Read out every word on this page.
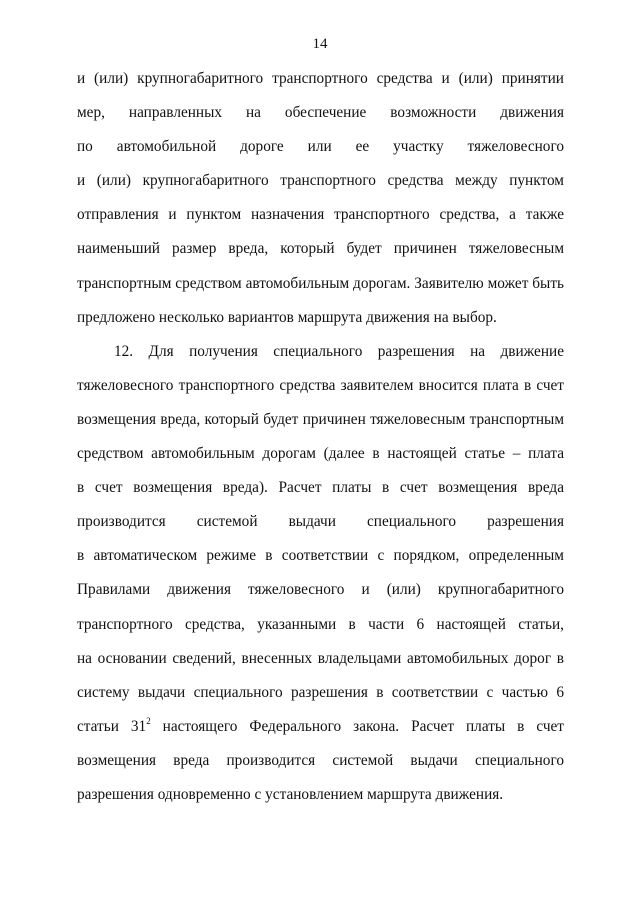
14
и (или) крупногабаритного транспортного средства и (или) принятии
мер, направленных на обеспечение возможности движения
по автомобильной дороге или ее участку тяжеловесного
и (или) крупногабаритного транспортного средства между пунктом
отправления и пунктом назначения транспортного средства, а также
наименьший размер вреда, который будет причинен тяжеловесным
транспортным средством автомобильным дорогам. Заявителю может быть
предложено несколько вариантов маршрута движения на выбор.
12. Для получения специального разрешения на движение
тяжеловесного транспортного средства заявителем вносится плата в счет
возмещения вреда, который будет причинен тяжеловесным транспортным
средством автомобильным дорогам (далее в настоящей статье – плата
в счет возмещения вреда). Расчет платы в счет возмещения вреда
производится системой выдачи специального разрешения
в автоматическом режиме в соответствии с порядком, определенным
Правилами движения тяжеловесного и (или) крупногабаритного
транспортного средства, указанными в части 6 настоящей статьи,
на основании сведений, внесенных владельцами автомобильных дорог в
систему выдачи специального разрешения в соответствии с частью 6
статьи $31^2$ настоящего Федерального закона. Расчет платы в счет
возмещения вреда производится системой выдачи специального
разрешения одновременно с установлением маршрута движения.
